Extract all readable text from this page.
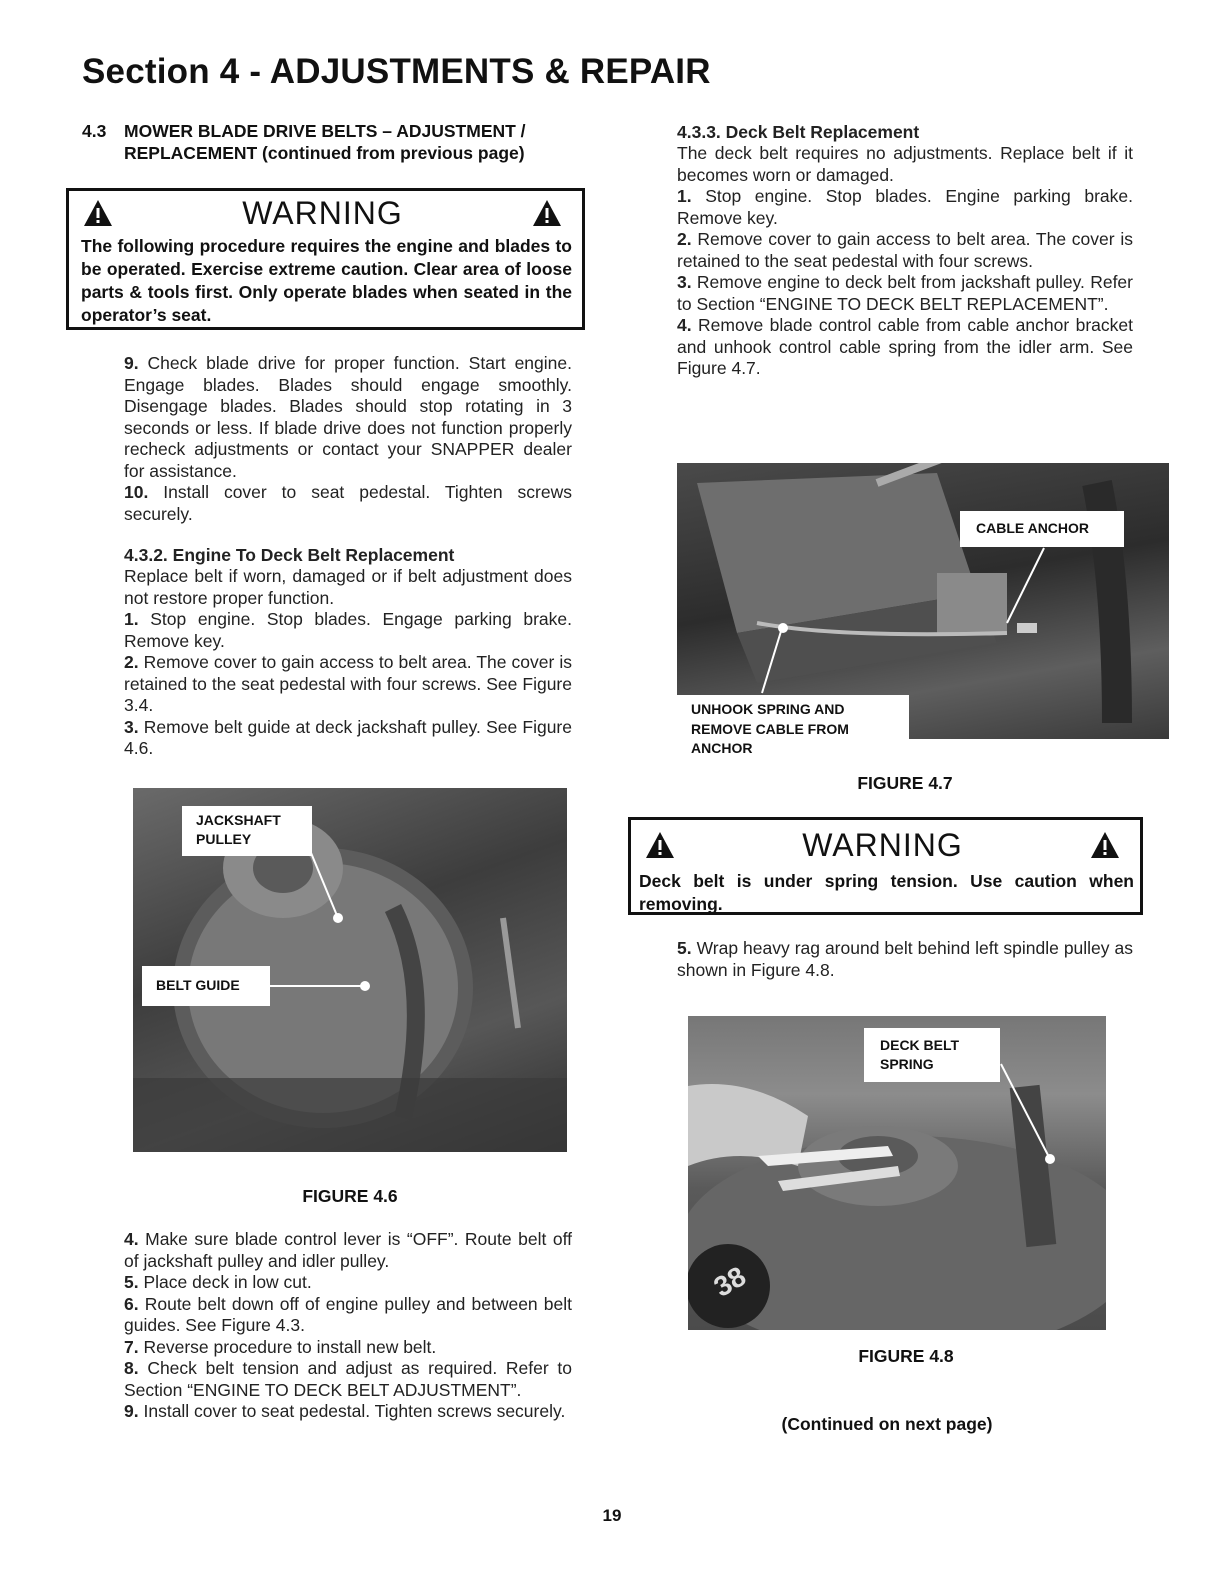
Section 4 - ADJUSTMENTS & REPAIR
4.3	MOWER BLADE DRIVE BELTS – ADJUSTMENT / REPLACEMENT (continued from previous page)
WARNING
The following procedure requires the engine and blades to be operated. Exercise extreme caution. Clear area of loose parts & tools first. Only operate blades when seated in the operator’s seat.
9. Check blade drive for proper function. Start engine. Engage blades. Blades should engage smoothly. Disengage blades. Blades should stop rotating in 3 seconds or less. If blade drive does not function properly recheck adjustments or contact your SNAPPER dealer for assistance.
10. Install cover to seat pedestal. Tighten screws securely.
4.3.2. Engine To Deck Belt Replacement
Replace belt if worn, damaged or if belt adjustment does not restore proper function.
1. Stop engine. Stop blades. Engage parking brake. Remove key.
2. Remove cover to gain access to belt area. The cover is retained to the seat pedestal with four screws. See Figure 3.4.
3. Remove belt guide at deck jackshaft pulley. See Figure 4.6.
JACKSHAFT PULLEY
BELT GUIDE
FIGURE 4.6
4. Make sure blade control lever is “OFF”. Route belt off of jackshaft pulley and idler pulley.
5. Place deck in low cut.
6. Route belt down off of engine pulley and between belt guides. See Figure 4.3.
7. Reverse procedure to install new belt.
8. Check belt tension and adjust as required. Refer to Section “ENGINE TO DECK BELT ADJUSTMENT”.
9. Install cover to seat pedestal. Tighten screws securely.
4.3.3. Deck Belt Replacement
The deck belt requires no adjustments. Replace belt if it becomes worn or damaged.
1. Stop engine. Stop blades. Engine parking brake. Remove key.
2. Remove cover to gain access to belt area. The cover is retained to the seat pedestal with four screws.
3. Remove engine to deck belt from jackshaft pulley. Refer to Section “ENGINE TO DECK BELT REPLACEMENT”.
4. Remove blade control cable from cable anchor bracket and unhook control cable spring from the idler arm. See Figure 4.7.
CABLE ANCHOR
UNHOOK SPRING AND REMOVE CABLE FROM ANCHOR
FIGURE 4.7
WARNING
Deck belt is under spring tension. Use caution when removing.
5. Wrap heavy rag around belt behind left spindle pulley as shown in Figure 4.8.
38
DECK BELT SPRING
FIGURE 4.8
(Continued on next page)
19
